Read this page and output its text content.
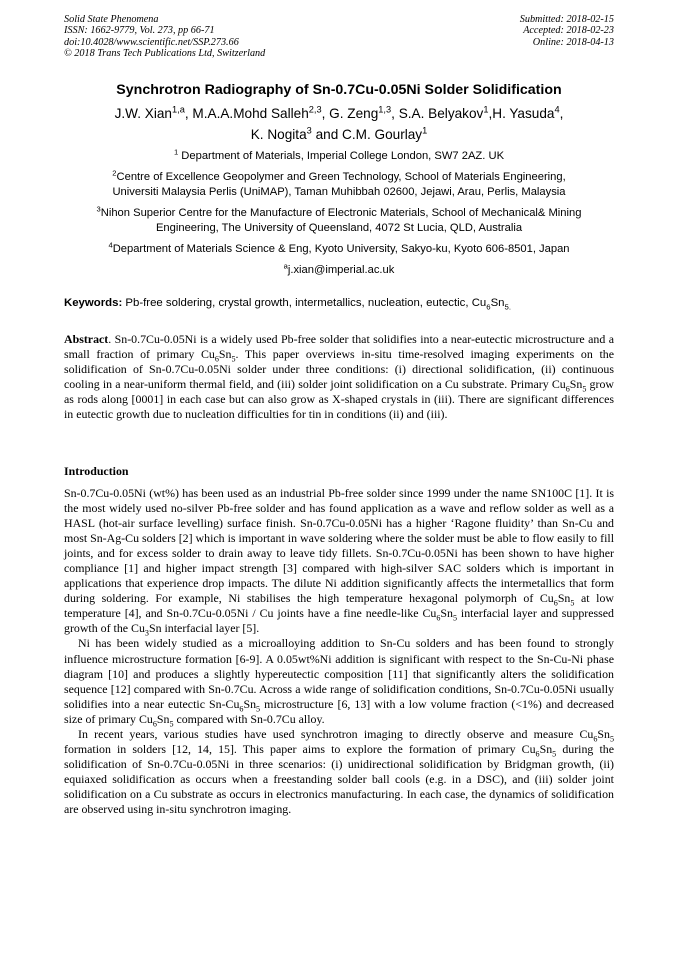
Solid State Phenomena
ISSN: 1662-9779, Vol. 273, pp 66-71
doi:10.4028/www.scientific.net/SSP.273.66
© 2018 Trans Tech Publications Ltd, Switzerland
Submitted: 2018-02-15
Accepted: 2018-02-23
Online: 2018-04-13
Synchrotron Radiography of Sn-0.7Cu-0.05Ni Solder Solidification
J.W. Xian$^{1,a}$, M.A.A.Mohd Salleh$^{2,3}$, G. Zeng$^{1,3}$, S.A. Belyakov$^1$,H. Yasuda$^4$,
K. Nogita$^3$ and C.M. Gourlay$^1$
$^1$ Department of Materials, Imperial College London, SW7 2AZ. UK
$^2$Centre of Excellence Geopolymer and Green Technology, School of Materials Engineering,
Universiti Malaysia Perlis (UniMAP), Taman Muhibbah 02600, Jejawi, Arau, Perlis, Malaysia
$^3$Nihon Superior Centre for the Manufacture of Electronic Materials, School of Mechanical& Mining
Engineering, The University of Queensland, 4072 St Lucia, QLD, Australia
$^4$Department of Materials Science & Eng, Kyoto University, Sakyo-ku, Kyoto 606-8501, Japan
$^a$j.xian@imperial.ac.uk
Keywords: Pb-free soldering, crystal growth, intermetallics, nucleation, eutectic, $Cu_6Sn_{5.}$

Abstract. Sn-0.7Cu-0.05Ni is a widely used Pb-free solder that solidifies into a near-eutectic microstructure and a small fraction of primary $Cu_6Sn_5$. This paper overviews in-situ time-resolved imaging experiments on the solidification of Sn-0.7Cu-0.05Ni solder under three conditions: (i) directional solidification, (ii) continuous cooling in a near-uniform thermal field, and (iii) solder joint solidification on a Cu substrate. Primary $Cu_6Sn_5$ grow as rods along [0001] in each case but can also grow as X-shaped crystals in (iii). There are significant differences in eutectic growth due to nucleation difficulties for tin in conditions (ii) and (iii).

Introduction

Sn-0.7Cu-0.05Ni (wt%) has been used as an industrial Pb-free solder since 1999 under the name SN100C [1]. It is the most widely used no-silver Pb-free solder and has found application as a wave and reflow solder as well as a HASL (hot-air surface levelling) surface finish. Sn-0.7Cu-0.05Ni has a higher ‘Ragone fluidity’ than Sn-Cu and most Sn-Ag-Cu solders [2] which is important in wave soldering where the solder must be able to flow easily to fill joints, and for excess solder to drain away to leave tidy fillets. Sn-0.7Cu-0.05Ni has been shown to have higher compliance [1] and higher impact strength [3] compared with high-silver SAC solders which is important in applications that experience drop impacts. The dilute Ni addition significantly affects the intermetallics that form during soldering. For example, Ni stabilises the high temperature hexagonal polymorph of $Cu_6Sn_5$ at low temperature [4], and Sn-0.7Cu-0.05Ni / Cu joints have a fine needle-like $Cu_6Sn_5$ interfacial layer and suppressed growth of the $Cu_3Sn$ interfacial layer [5].

Ni has been widely studied as a microalloying addition to Sn-Cu solders and has been found to strongly influence microstructure formation [6-9]. A 0.05wt%Ni addition is significant with respect to the Sn-Cu-Ni phase diagram [10] and produces a slightly hypereutectic composition [11] that significantly alters the solidification sequence [12] compared with Sn-0.7Cu. Across a wide range of solidification conditions, Sn-0.7Cu-0.05Ni usually solidifies into a near eutectic $Sn-Cu_6Sn_5$ microstructure [6, 13] with a low volume fraction (<1%) and decreased size of primary $Cu_6Sn_5$ compared with Sn-0.7Cu alloy.

In recent years, various studies have used synchrotron imaging to directly observe and measure $Cu_6Sn_5$ formation in solders [12, 14, 15]. This paper aims to explore the formation of primary $Cu_6Sn_5$ during the solidification of Sn-0.7Cu-0.05Ni in three scenarios: (i) unidirectional solidification by Bridgman growth, (ii) equiaxed solidification as occurs when a freestanding solder ball cools (e.g. in a DSC), and (iii) solder joint solidification on a Cu substrate as occurs in electronics manufacturing. In each case, the dynamics of solidification are observed using in-situ synchrotron imaging.
